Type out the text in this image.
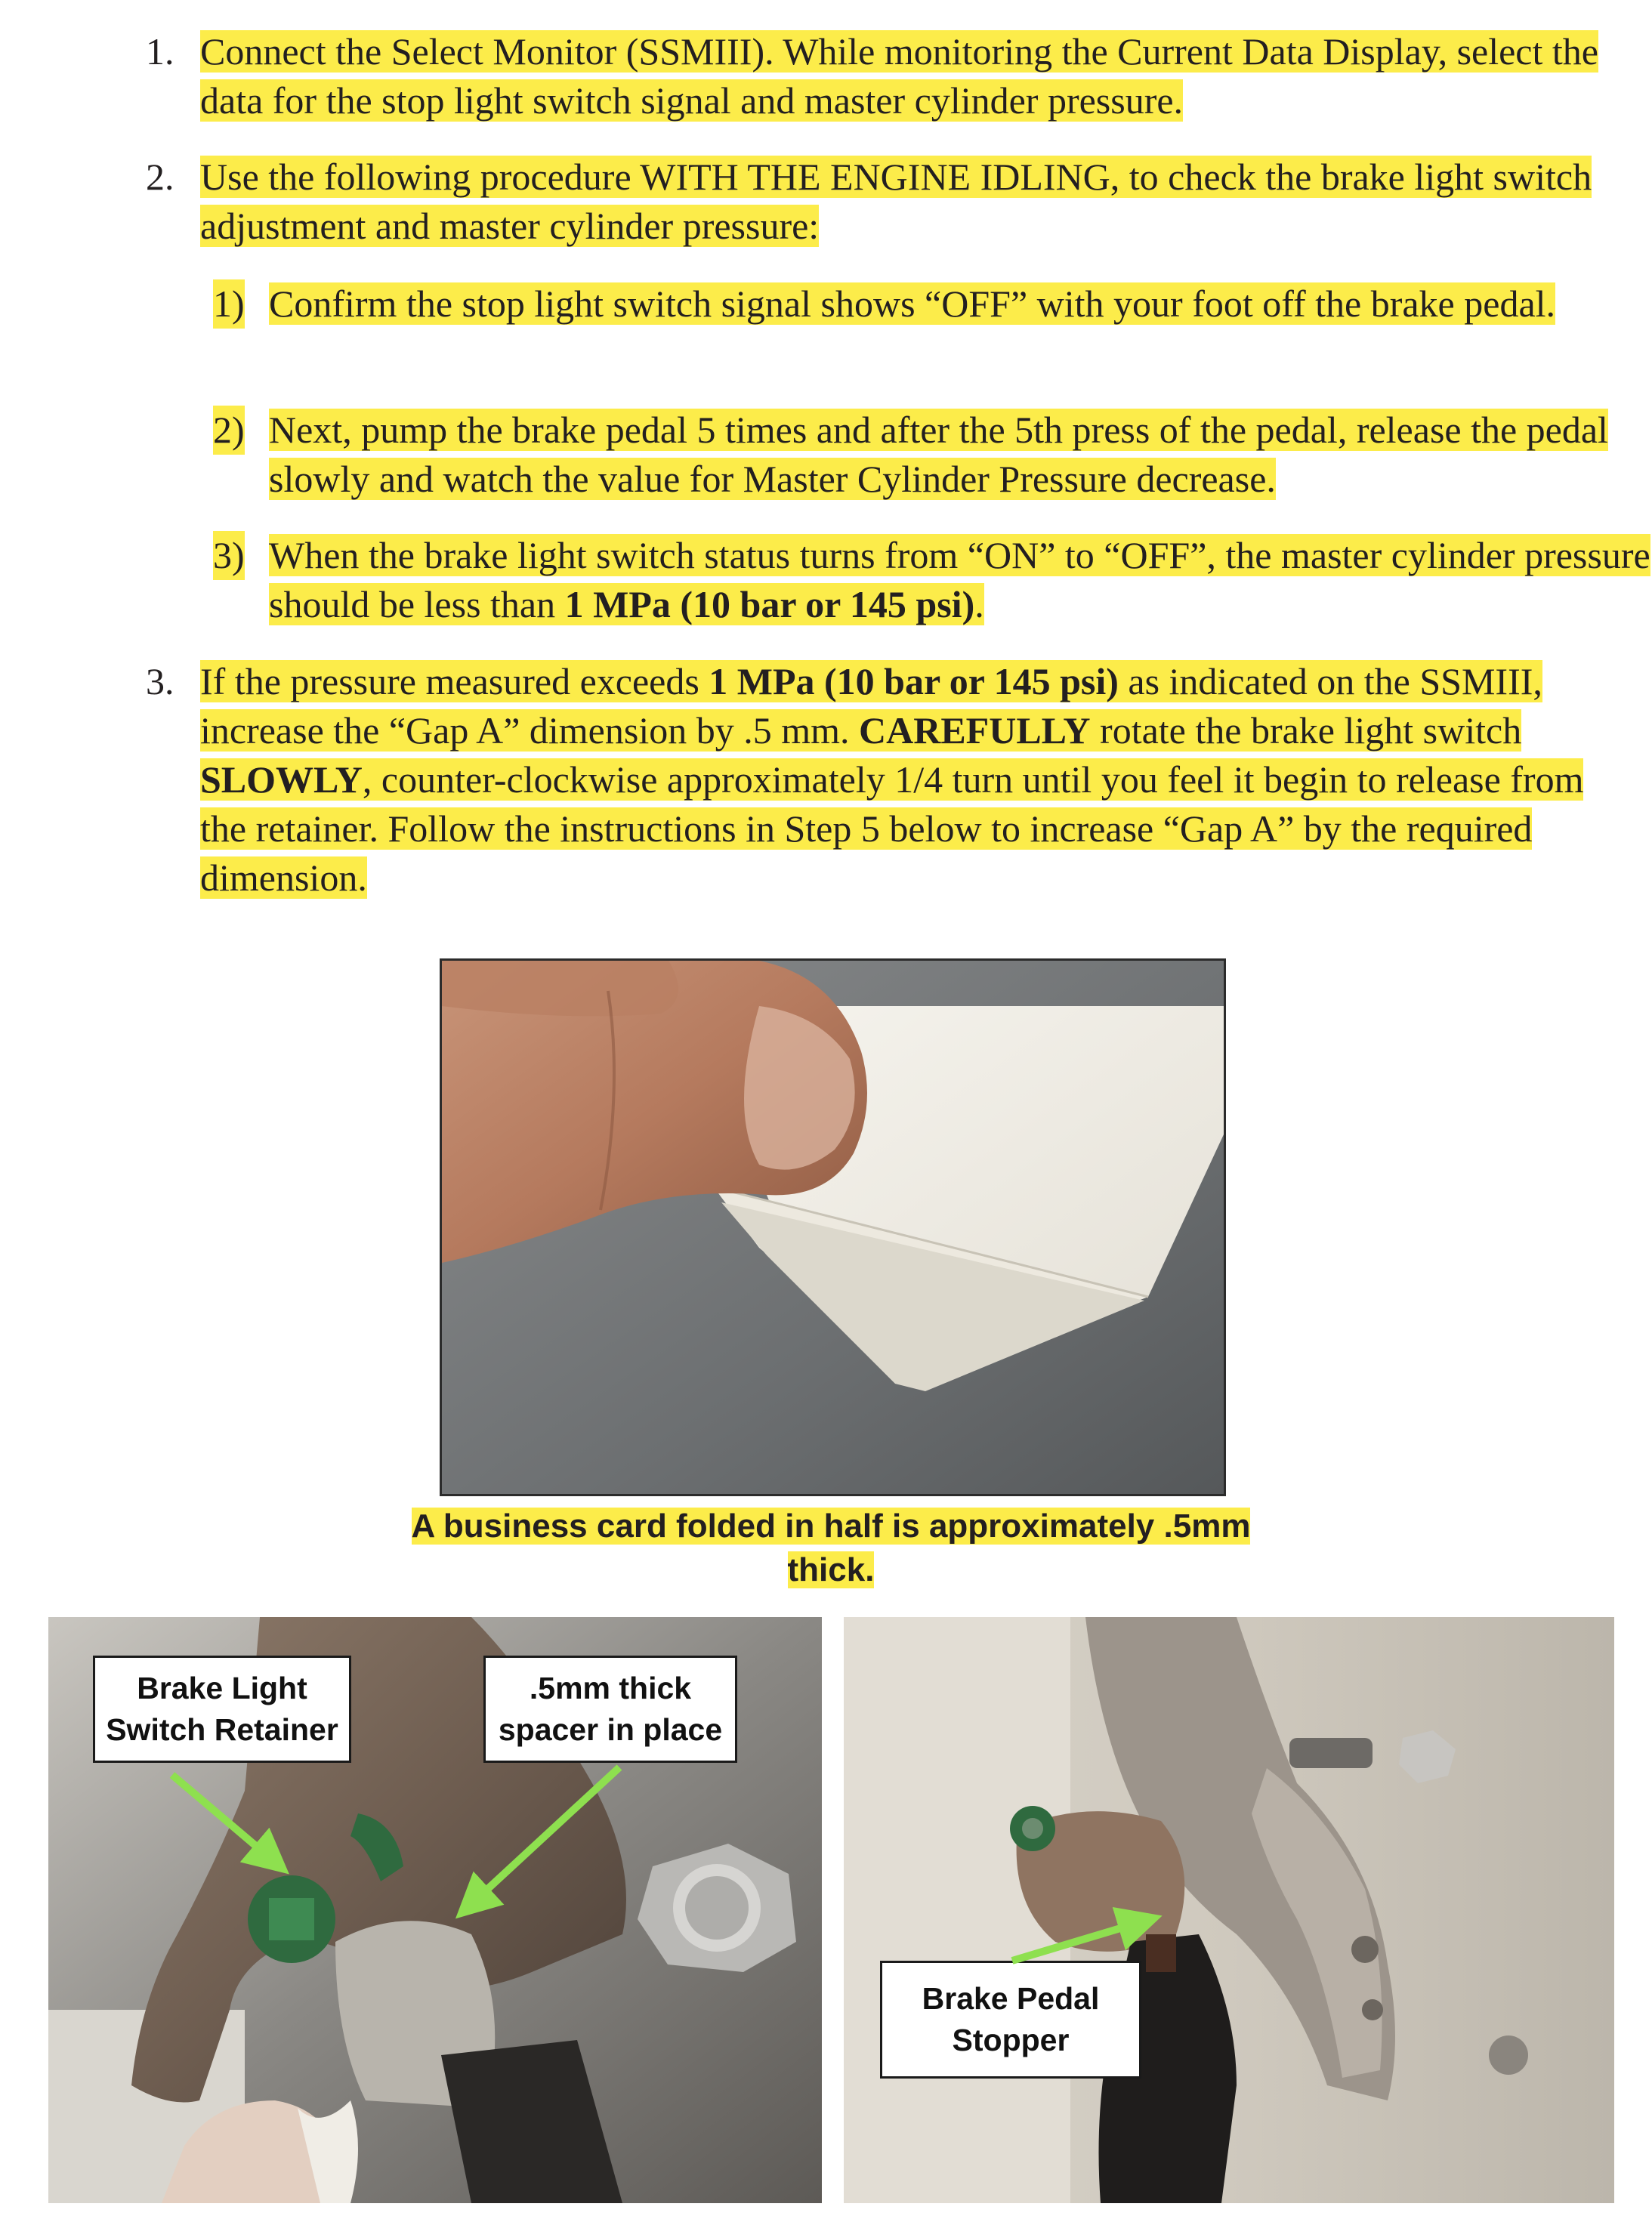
1. Connect the Select Monitor (SSMIII). While monitoring the Current Data Display, select the data for the stop light switch signal and master cylinder pressure.
2. Use the following procedure WITH THE ENGINE IDLING, to check the brake light switch adjustment and master cylinder pressure:
1) Confirm the stop light switch signal shows “OFF” with your foot off the brake pedal.
2) Next, pump the brake pedal 5 times and after the 5th press of the pedal, release the pedal slowly and watch the value for Master Cylinder Pressure decrease.
3) When the brake light switch status turns from “ON” to “OFF”, the master cylinder pressure should be less than 1 MPa (10 bar or 145 psi).
3. If the pressure measured exceeds 1 MPa (10 bar or 145 psi) as indicated on the SSMIII, increase the “Gap A” dimension by .5 mm. CAREFULLY rotate the brake light switch SLOWLY, counter-clockwise approximately 1/4 turn until you feel it begin to release from the retainer. Follow the instructions in Step 5 below to increase “Gap A” by the required dimension.
A business card folded in half is approximately .5mm thick.
Brake Light Switch Retainer
.5mm thick spacer in place
Brake Pedal Stopper
